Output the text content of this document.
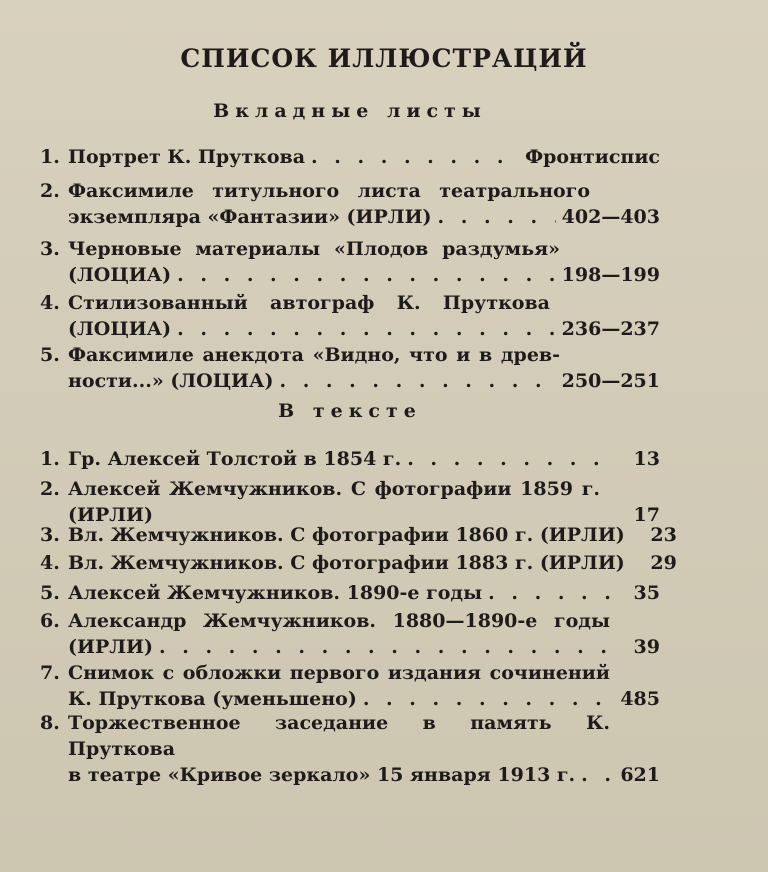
СПИСОК ИЛЛЮСТРАЦИЙ
Вкладные листы
1. Портрет К. Пруткова . . .	Фронтиспис
2. Факсимиле титульного листа театрального
экземпляра «Фантазии» (ИРЛИ) . . .	402—403
3. Черновые материалы «Плодов раздумья»
(ЛОЦИА) . . .	198—199
4. Стилизованный автограф К. Пруткова
(ЛОЦИА) . . .	236—237
5. Факсимиле анекдота «Видно, что и в древ-
ности...» (ЛОЦИА) . . .	250—251
В тексте
1. Гр. Алексей Толстой в 1854 г. . . .	13
2. Алексей Жемчужников. С фотографии 1859 г.
(ИРЛИ)	17
3. Вл. Жемчужников. С фотографии 1860 г. (ИРЛИ)	23
4. Вл. Жемчужников. С фотографии 1883 г. (ИРЛИ)	29
5. Алексей Жемчужников. 1890-е годы . . .	35
6. Александр Жемчужников. 1880—1890-е годы
(ИРЛИ) . . .	39
7. Снимок с обложки первого издания сочинений
К. Пруткова (уменьшено) . . .	485
8. Торжественное заседание в память К. Пруткова
в театре «Кривое зеркало» 15 января 1913 г. . . . 621
